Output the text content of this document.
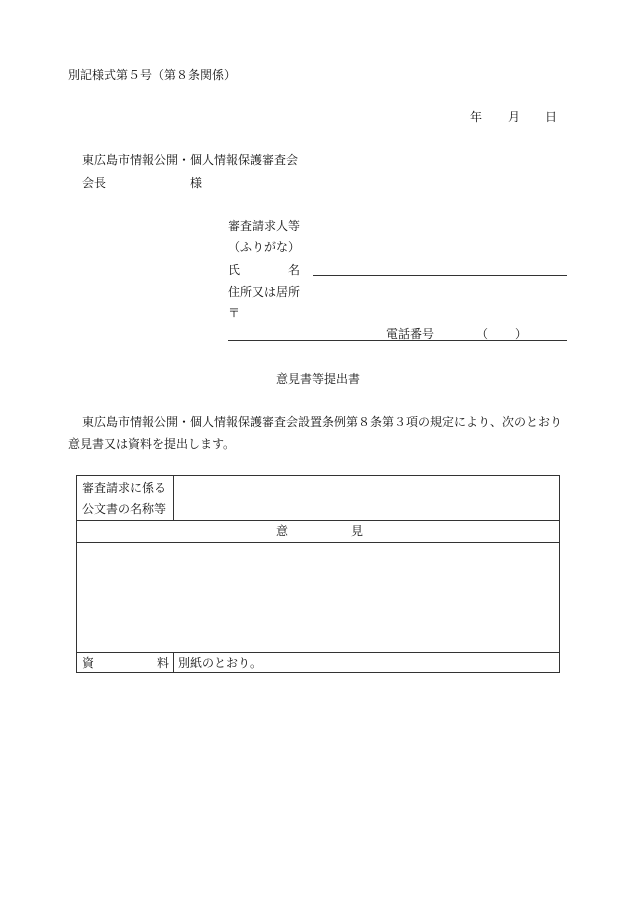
別記様式第５号（第８条関係）
年 月 日
東広島市情報公開・個人情報保護審査会
会長	様
審査請求人等
（ふりがな）
氏	名
住所又は居所
〒
電話番号	（ ）
意見書等提出書
東広島市情報公開・個人情報保護審査会設置条例第８条第３項の規定により、次のとおり
意見書又は資料を提出します。
審査請求に係る
公文書の名称等
意	見
資	料 別紙のとおり。
